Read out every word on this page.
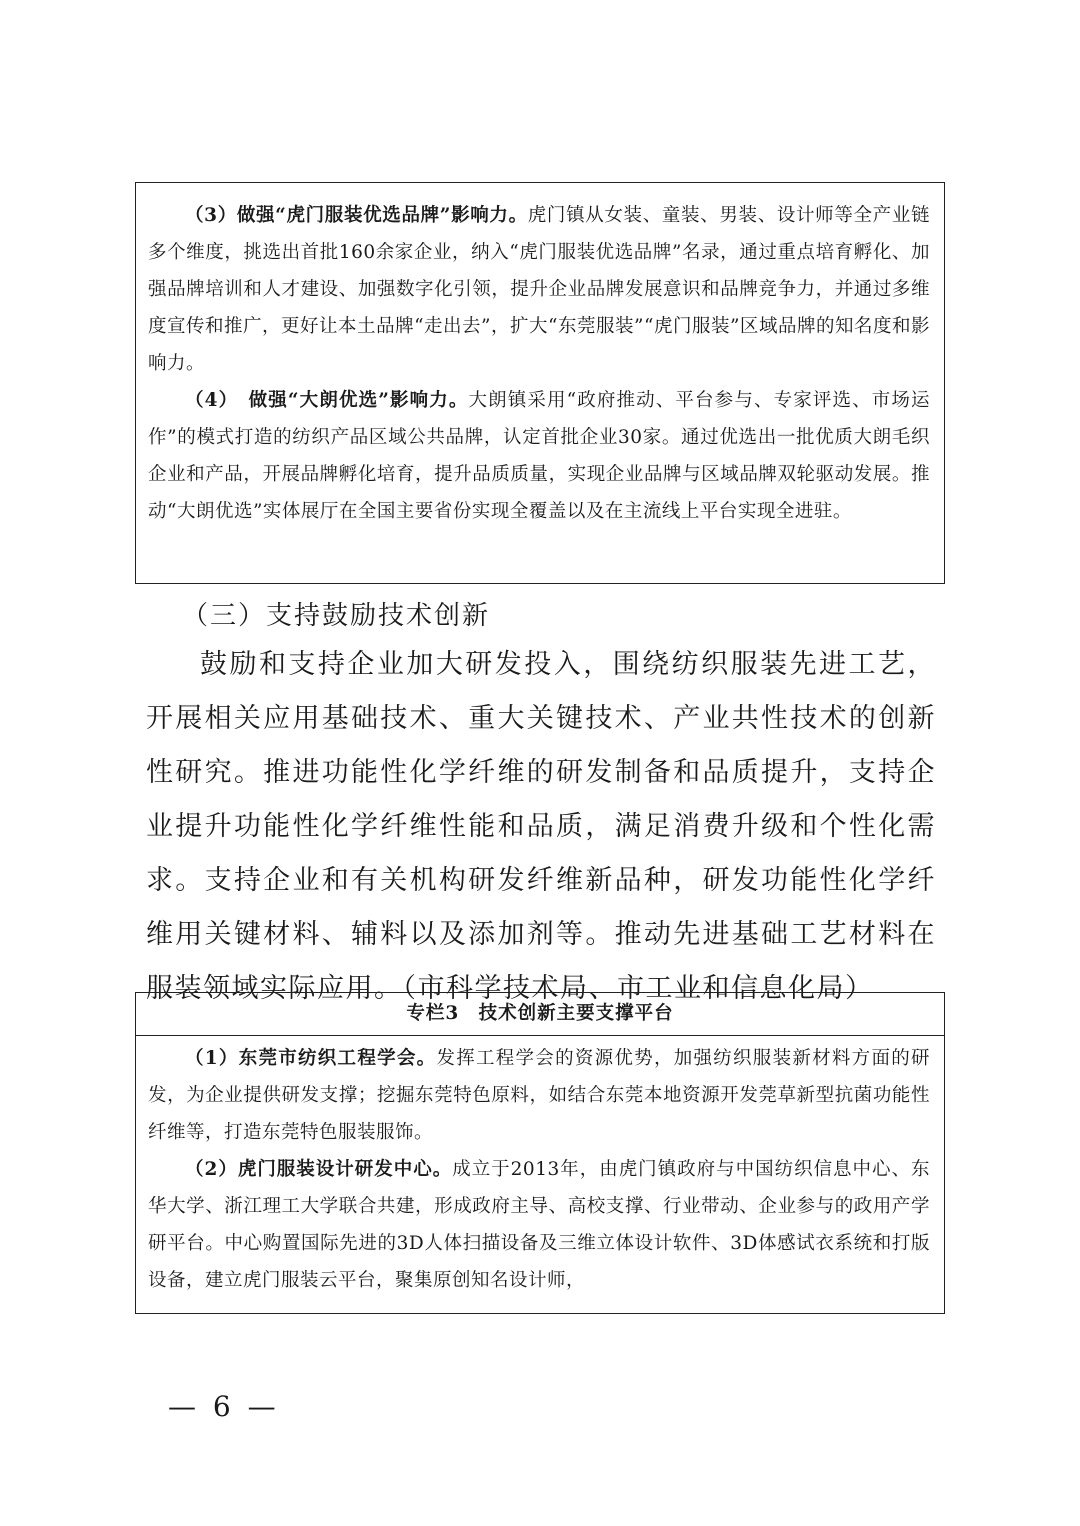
（3）做强“虎门服装优选品牌”影响力。虎门镇从女装、童装、男装、设计师等全产业链多个维度，挑选出首批160余家企业，纳入“虎门服装优选品牌”名录，通过重点培育孵化、加强品牌培训和人才建设、加强数字化引领，提升企业品牌发展意识和品牌竞争力，并通过多维度宣传和推广，更好让本土品牌“走出去”，扩大“东莞服装”“虎门服装”区域品牌的知名度和影响力。

（4）　做强“大朗优选”影响力。大朗镇采用“政府推动、平台参与、专家评选、市场运作”的模式打造的纺织产品区域公共品牌，认定首批企业30家。通过优选出一批优质大朗毛织企业和产品，开展品牌孵化培育，提升品质质量，实现企业品牌与区域品牌双轮驱动发展。推动“大朗优选”实体展厅在全国主要省份实现全覆盖以及在主流线上平台实现全进驻。

（三）支持鼓励技术创新

鼓励和支持企业加大研发投入，围绕纺织服装先进工艺，开展相关应用基础技术、重大关键技术、产业共性技术的创新性研究。推进功能性化学纤维的研发制备和品质提升，支持企业提升功能性化学纤维性能和品质，满足消费升级和个性化需求。支持企业和有关机构研发纤维新品种，研发功能性化学纤维用关键材料、辅料以及添加剂等。推动先进基础工艺材料在服装领域实际应用。（市科学技术局、市工业和信息化局）

专栏3　技术创新主要支撑平台

（1）东莞市纺织工程学会。发挥工程学会的资源优势，加强纺织服装新材料方面的研发，为企业提供研发支撑；挖掘东莞特色原料，如结合东莞本地资源开发莞草新型抗菌功能性纤维等，打造东莞特色服装服饰。

（2）虎门服装设计研发中心。成立于2013年，由虎门镇政府与中国纺织信息中心、东华大学、浙江理工大学联合共建，形成政府主导、高校支撑、行业带动、企业参与的政用产学研平台。中心购置国际先进的3D人体扫描设备及三维立体设计软件、3D体感试衣系统和打版设备，建立虎门服装云平台，聚集原创知名设计师，

— 6 —
